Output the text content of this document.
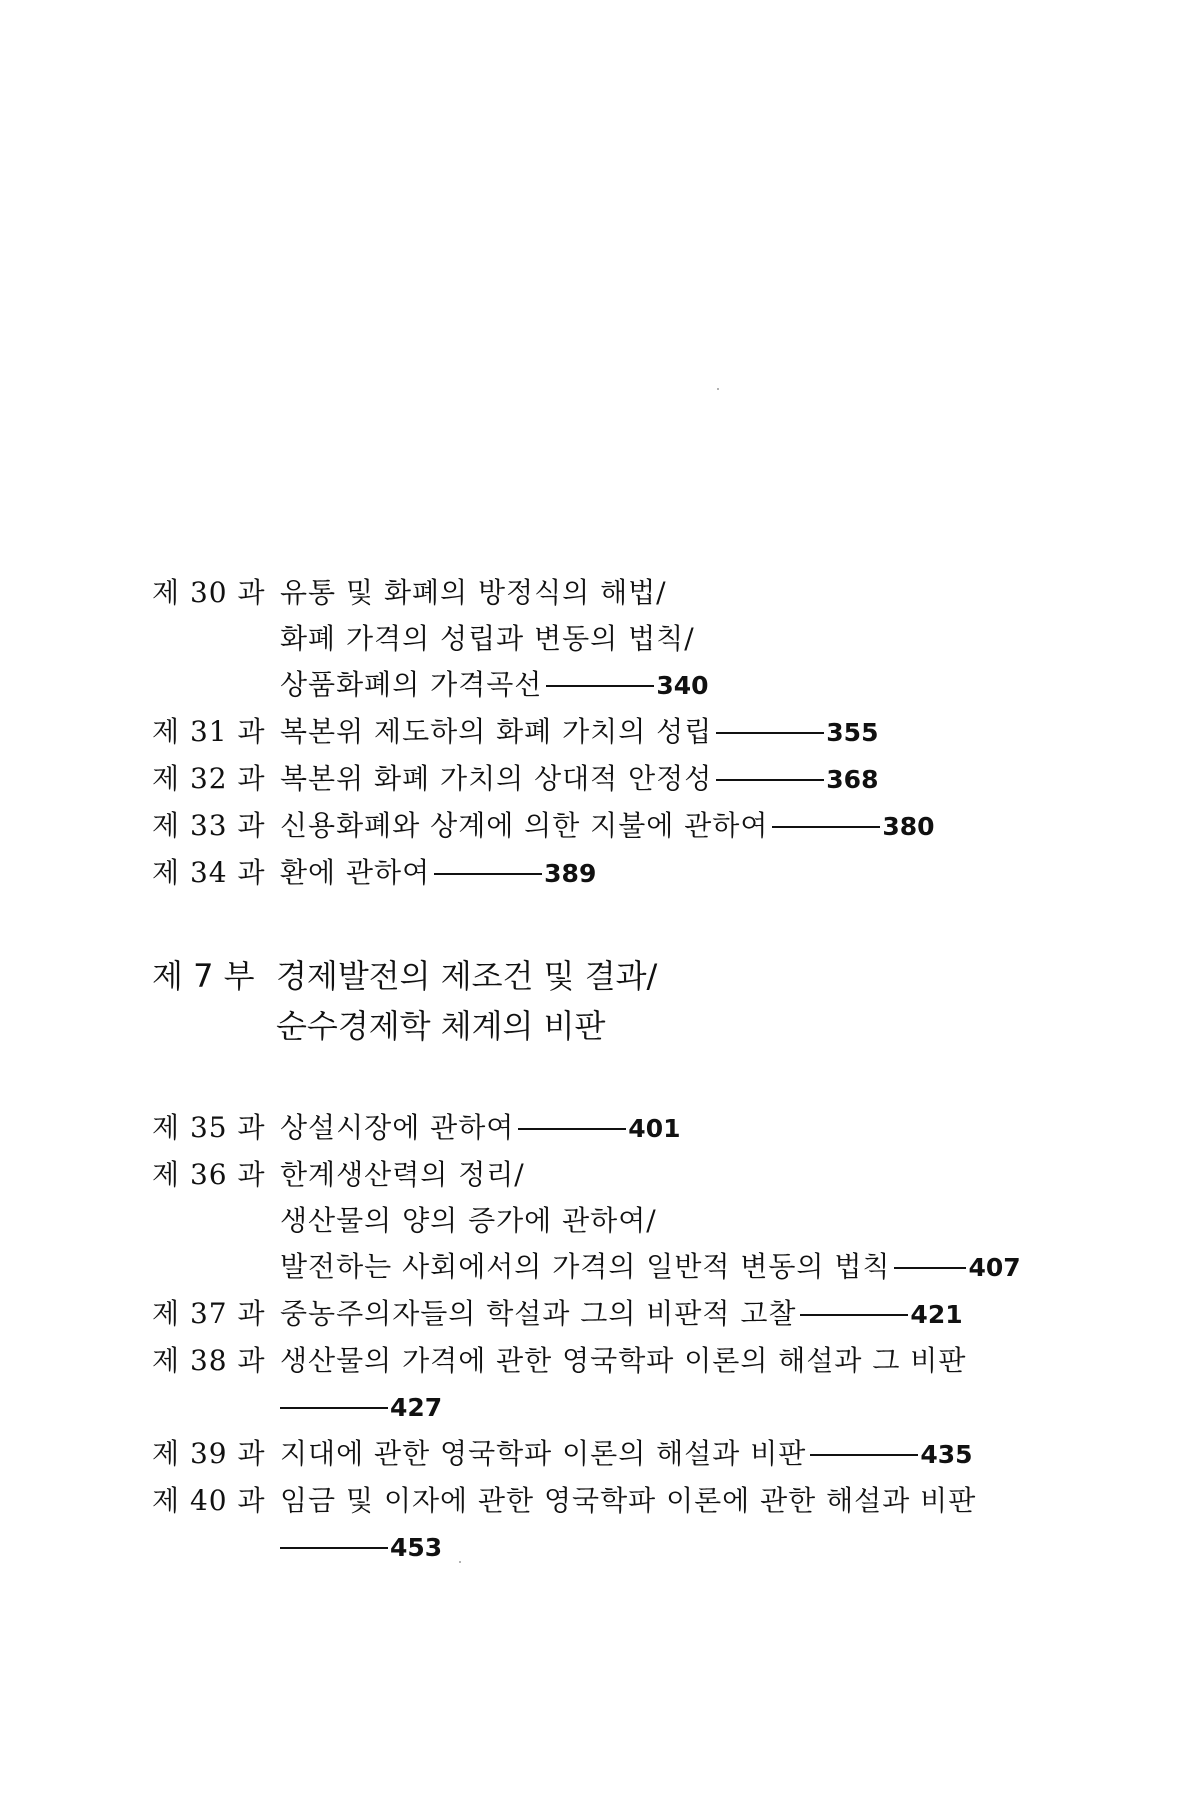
제 30 과 유통 및 화폐의 방정식의 해법/
화폐 가격의 성립과 변동의 법칙/
상품화폐의 가격곡선	340
제 31 과 복본위 제도하의 화폐 가치의 성립	355
제 32 과 복본위 화폐 가치의 상대적 안정성	368
제 33 과 신용화폐와 상계에 의한 지불에 관하여	380
제 34 과 환에 관하여	389
제 7 부 경제발전의 제조건 및 결과/
순수경제학 체계의 비판
제 35 과 상설시장에 관하여	401
제 36 과 한계생산력의 정리/
생산물의 양의 증가에 관하여/
발전하는 사회에서의 가격의 일반적 변동의 법칙	407
제 37 과 중농주의자들의 학설과 그의 비판적 고찰	421
제 38 과 생산물의 가격에 관한 영국학파 이론의 해설과 그 비판
427
제 39 과 지대에 관한 영국학파 이론의 해설과 비판	435
제 40 과 임금 및 이자에 관한 영국학파 이론에 관한 해설과 비판
453
